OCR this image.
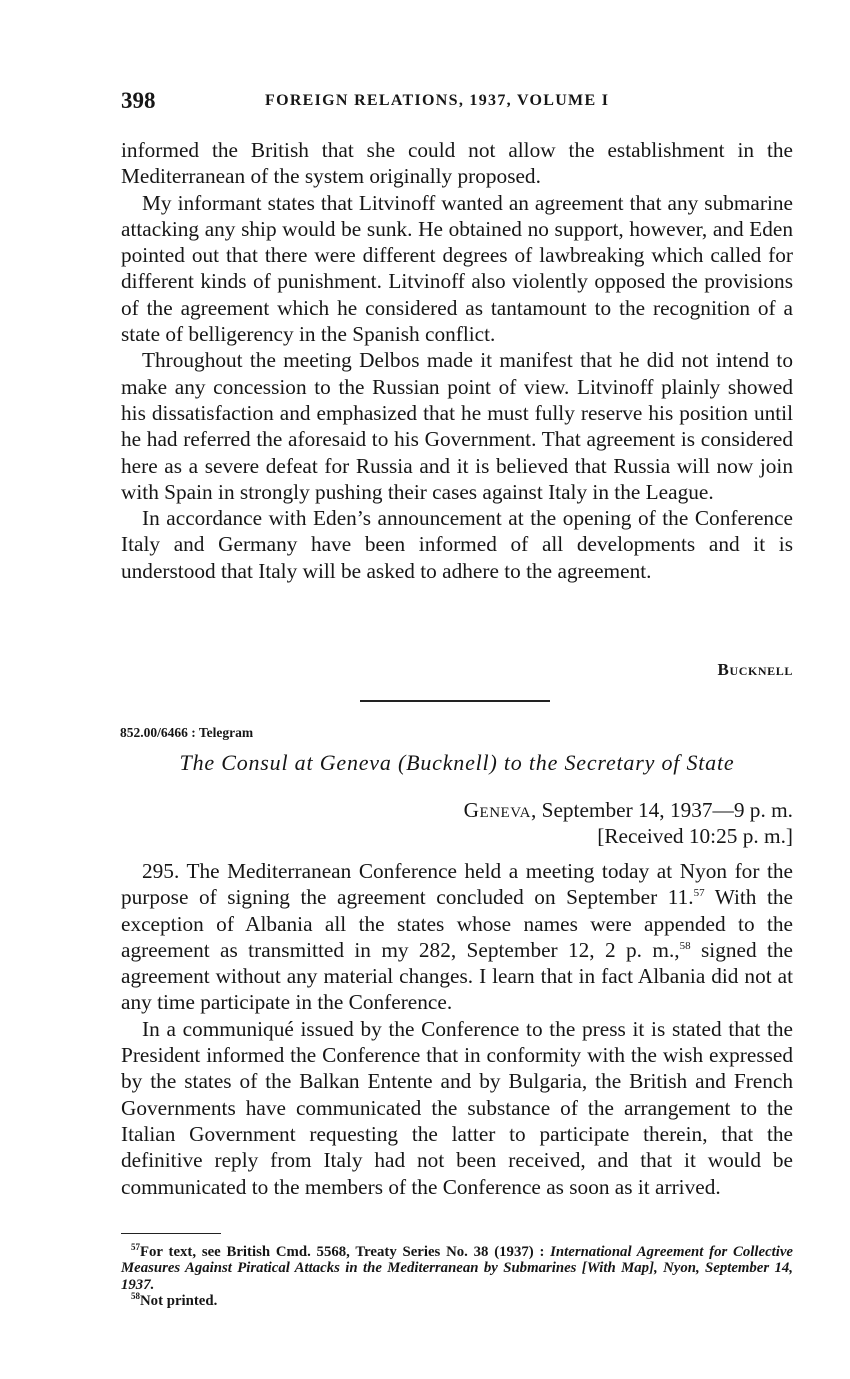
398	FOREIGN RELATIONS, 1937, VOLUME I

informed the British that she could not allow the establishment in the Mediterranean of the system originally proposed.

My informant states that Litvinoff wanted an agreement that any submarine attacking any ship would be sunk. He obtained no support, however, and Eden pointed out that there were different degrees of lawbreaking which called for different kinds of punishment. Litvinoff also violently opposed the provisions of the agreement which he considered as tantamount to the recognition of a state of belligerency in the Spanish conflict.

Throughout the meeting Delbos made it manifest that he did not intend to make any concession to the Russian point of view. Litvinoff plainly showed his dissatisfaction and emphasized that he must fully reserve his position until he had referred the aforesaid to his Government. That agreement is considered here as a severe defeat for Russia and it is believed that Russia will now join with Spain in strongly pushing their cases against Italy in the League.

In accordance with Eden’s announcement at the opening of the Conference Italy and Germany have been informed of all developments and it is understood that Italy will be asked to adhere to the agreement.

Bucknell
852.00/6466 : Telegram
The Consul at Geneva (Bucknell) to the Secretary of State
Geneva, September 14, 1937—9 p. m.
[Received 10:25 p. m.]

295. The Mediterranean Conference held a meeting today at Nyon for the purpose of signing the agreement concluded on September 11.57 With the exception of Albania all the states whose names were appended to the agreement as transmitted in my 282, September 12, 2 p. m.,$^{58}$ signed the agreement without any material changes. I learn that in fact Albania did not at any time participate in the Conference.

In a communiqué issued by the Conference to the press it is stated that the President informed the Conference that in conformity with the wish expressed by the states of the Balkan Entente and by Bulgaria, the British and French Governments have communicated the substance of the arrangement to the Italian Government requesting the latter to participate therein, that the definitive reply from Italy had not been received, and that it would be communicated to the members of the Conference as soon as it arrived.

$^{57}$For text, see British Cmd. 5568, Treaty Series No. 38 (1937) : International Agreement for Collective Measures Against Piratical Attacks in the Mediterranean by Submarines [With Map], Nyon, September 14, 1937.

$^{58}$Not printed.
